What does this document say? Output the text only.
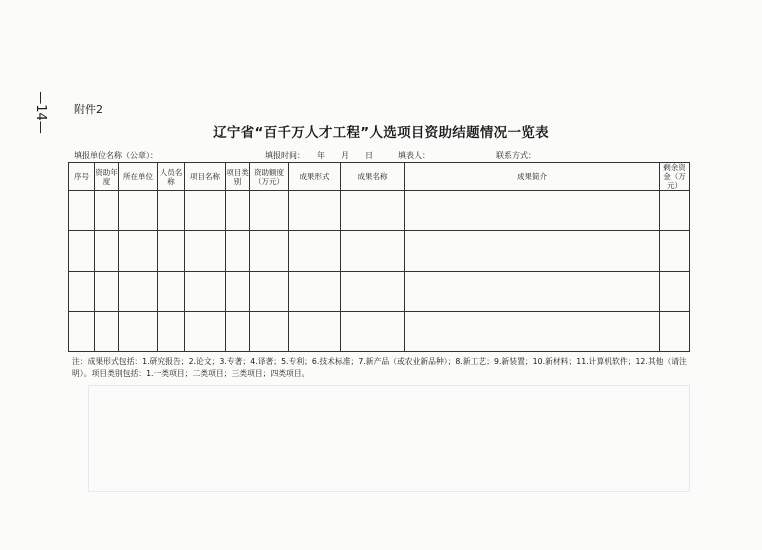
—14— 附件2
辽宁省“百千万人才工程”人选项目资助结题情况一览表
填报单位名称（公章）：	填报时间：　　年　　月　　日	填表人：	联系方式：
序号	资助年度	所在单位	人员名称	项目名称	项目类别	资助额度（万元）	成果形式	成果名称	成果简介	剩余资金（万元）

注：成果形式包括：1.研究报告；2.论文；3.专著；4.译著；5.专利；6.技术标准；7.新产品（或农业新品种）；8.新工艺；9.新装置；10.新材料；11.计算机软件；12.其他（请注明）。项目类别包括：1.一类项目；二类项目；三类项目；四类项目。
